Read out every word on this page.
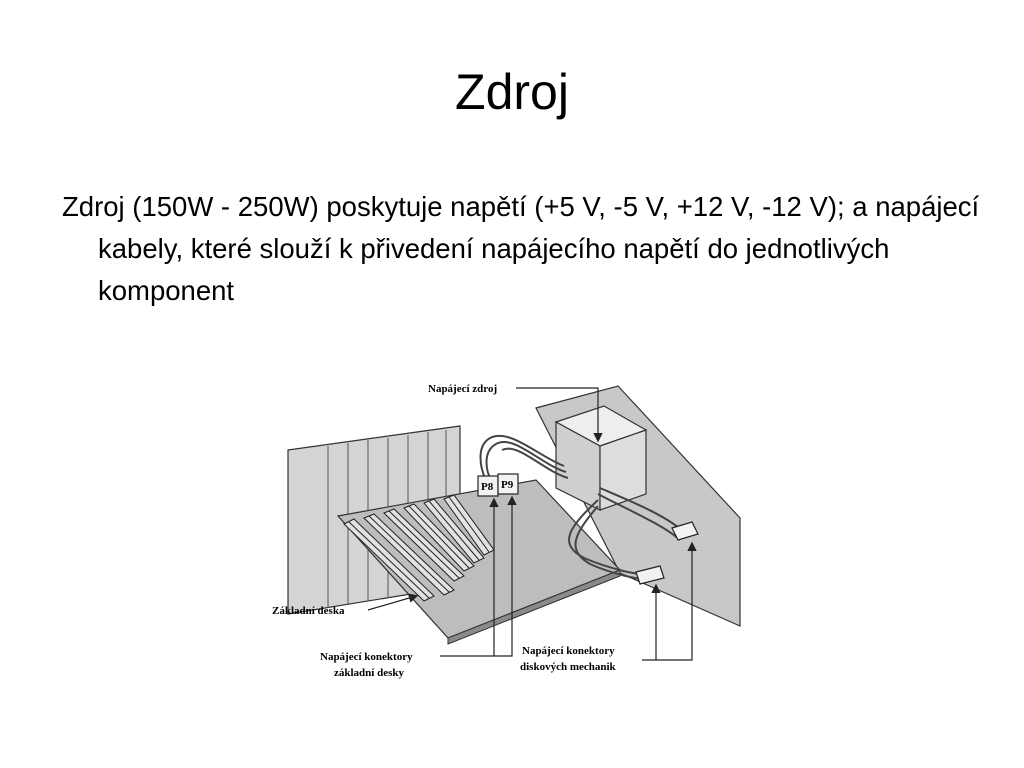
Zdroj

Zdroj (150W - 250W) poskytuje napětí (+5 V, -5 V, +12 V, -12 V); a napájecí kabely, které slouží k přivedení napájecího napětí do jednotlivých komponent

P8 P9
Napájecí zdroj
Základní deska
Napájecí konektory
základní desky
Napájecí konektory
diskových mechanik
